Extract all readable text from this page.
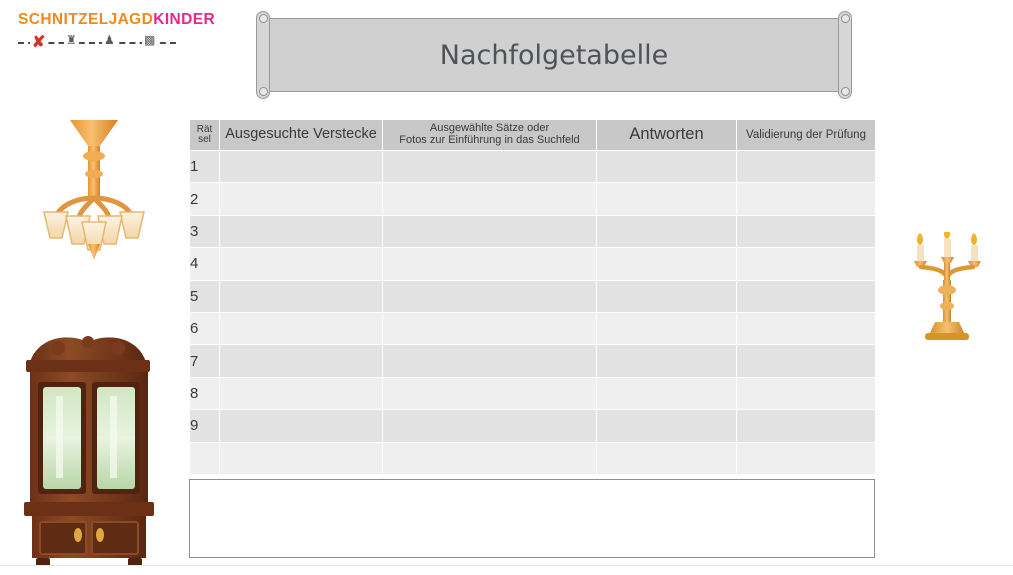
SCHNITZELJAGDKINDER
✘ ♜ ♟ ▩	Nachfolgetabelle
Rät
sel	Ausgesuchte Verstecke	Ausgewählte Sätze oder
Fotos zur Einführung in das Suchfeld	Antworten	Validierung der Prüfung
1				
2				
3				
4				
5				
6				
7				
8				
9				
